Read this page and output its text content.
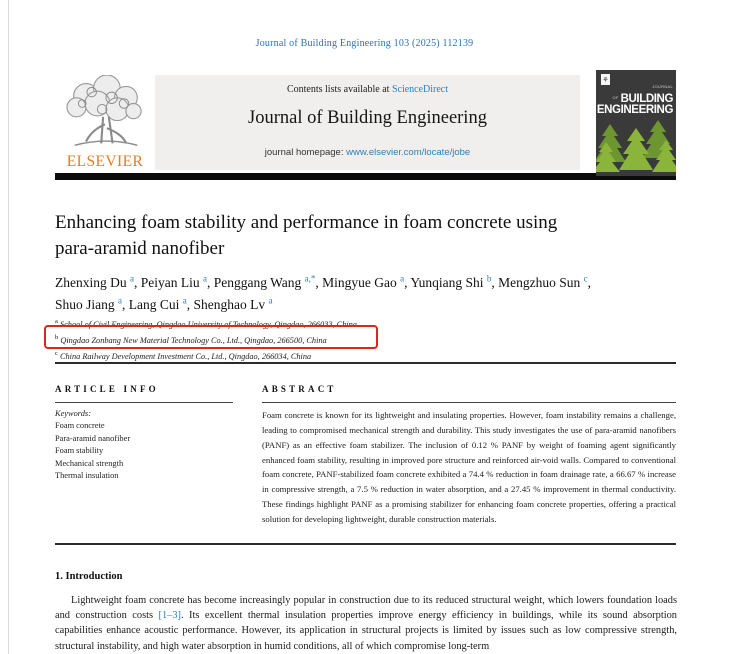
Journal of Building Engineering 103 (2025) 112139
ELSEVIER
Contents lists available at ScienceDirect
Journal of Building Engineering
journal homepage: www.elsevier.com/locate/jobe
⚘
JOURNAL OF BUILDING
ENGINEERING
Enhancing foam stability and performance in foam concrete using
para-aramid nanofiber
Zhenxing Du $^a$, Peiyan Liu $^a$, Penggang Wang $^{a,*}$, Mingyue Gao $^a$, Yunqiang Shi $^b$, Mengzhuo Sun $^c$, Shuo Jiang $^a$, Lang Cui $^a$, Shenghao Lv $^a$
$^a$ School of Civil Engineering, Qingdao University of Technology, Qingdao, 266033, China
$^b$ Qingdao Zonbang New Material Technology Co., Ltd., Qingdao, 266500, China
$^c$ China Railway Development Investment Co., Ltd., Qingdao, 266034, China
ARTICLE INFO
Keywords:
Foam concrete
Para-aramid nanofiber
Foam stability
Mechanical strength
Thermal insulation
ABSTRACT
Foam concrete is known for its lightweight and insulating properties. However, foam instability remains a challenge, leading to compromised mechanical strength and durability. This study investigates the use of para-aramid nanofibers (PANF) as an effective foam stabilizer. The inclusion of 0.12 % PANF by weight of foaming agent significantly enhanced foam stability, resulting in improved pore structure and reinforced air-void walls. Compared to conventional foam concrete, PANF-stabilized foam concrete exhibited a 74.4 % reduction in foam drainage rate, a 66.67 % increase in compressive strength, a 7.5 % reduction in water absorption, and a 27.45 % improvement in thermal conductivity. These findings highlight PANF as a promising stabilizer for enhancing foam concrete properties, offering a practical solution for developing lightweight, durable construction materials.
1. Introduction
Lightweight foam concrete has become increasingly popular in construction due to its reduced structural weight, which lowers foundation loads and construction costs [1–3]. Its excellent thermal insulation properties improve energy efficiency in buildings, while its sound absorption capabilities enhance acoustic performance. However, its application in structural projects is limited by issues such as low compressive strength, structural instability, and high water absorption in humid conditions, all of which compromise long-term
